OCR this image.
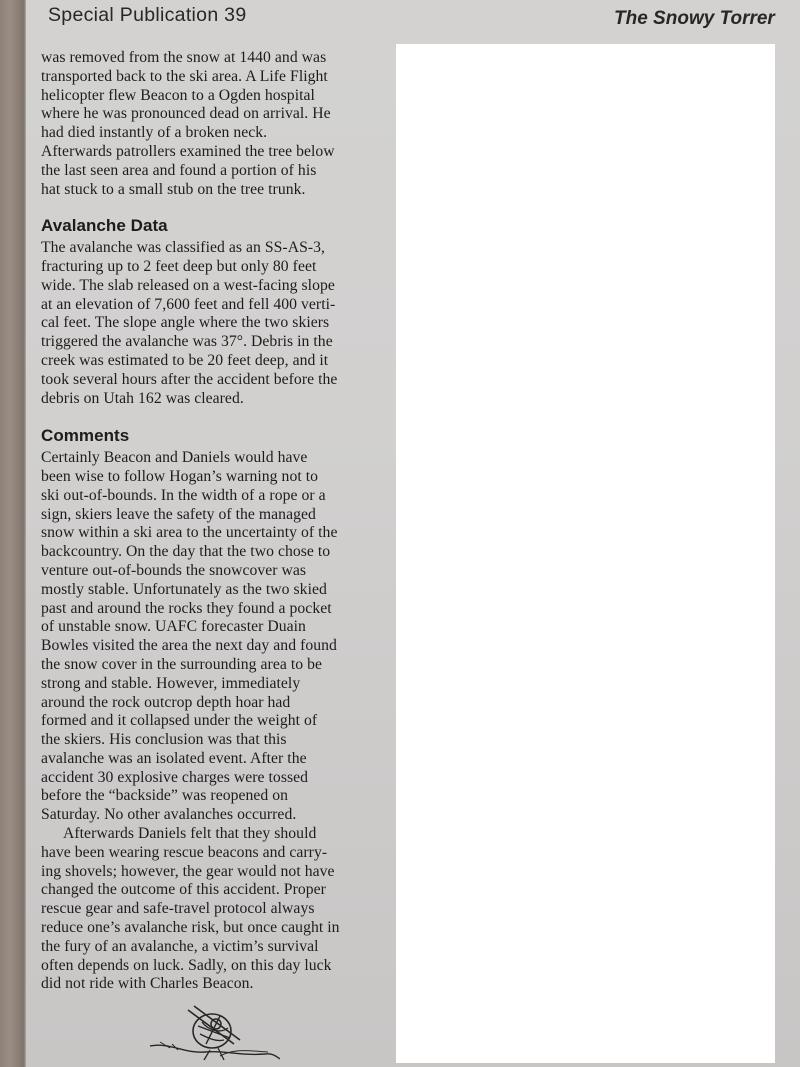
Special Publication 39	The Snowy Torrer
was removed from the snow at 1440 and was
transported back to the ski area. A Life Flight
helicopter flew Beacon to a Ogden hospital
where he was pronounced dead on arrival. He
had died instantly of a broken neck.
Afterwards patrollers examined the tree below
the last seen area and found a portion of his
hat stuck to a small stub on the tree trunk.
Avalanche Data
The avalanche was classified as an SS-AS-3,
fracturing up to 2 feet deep but only 80 feet
wide. The slab released on a west-facing slope
at an elevation of 7,600 feet and fell 400 verti-
cal feet. The slope angle where the two skiers
triggered the avalanche was 37°. Debris in the
creek was estimated to be 20 feet deep, and it
took several hours after the accident before the
debris on Utah 162 was cleared.
Comments
Certainly Beacon and Daniels would have
been wise to follow Hogan’s warning not to
ski out-of-bounds. In the width of a rope or a
sign, skiers leave the safety of the managed
snow within a ski area to the uncertainty of the
backcountry. On the day that the two chose to
venture out-of-bounds the snowcover was
mostly stable. Unfortunately as the two skied
past and around the rocks they found a pocket
of unstable snow. UAFC forecaster Duain
Bowles visited the area the next day and found
the snow cover in the surrounding area to be
strong and stable. However, immediately
around the rock outcrop depth hoar had
formed and it collapsed under the weight of
the skiers. His conclusion was that this
avalanche was an isolated event. After the
accident 30 explosive charges were tossed
before the “backside” was reopened on
Saturday. No other avalanches occurred.
Afterwards Daniels felt that they should
have been wearing rescue beacons and carry-
ing shovels; however, the gear would not have
changed the outcome of this accident. Proper
rescue gear and safe-travel protocol always
reduce one’s avalanche risk, but once caught in
the fury of an avalanche, a victim’s survival
often depends on luck. Sadly, on this day luck
did not ride with Charles Beacon.
